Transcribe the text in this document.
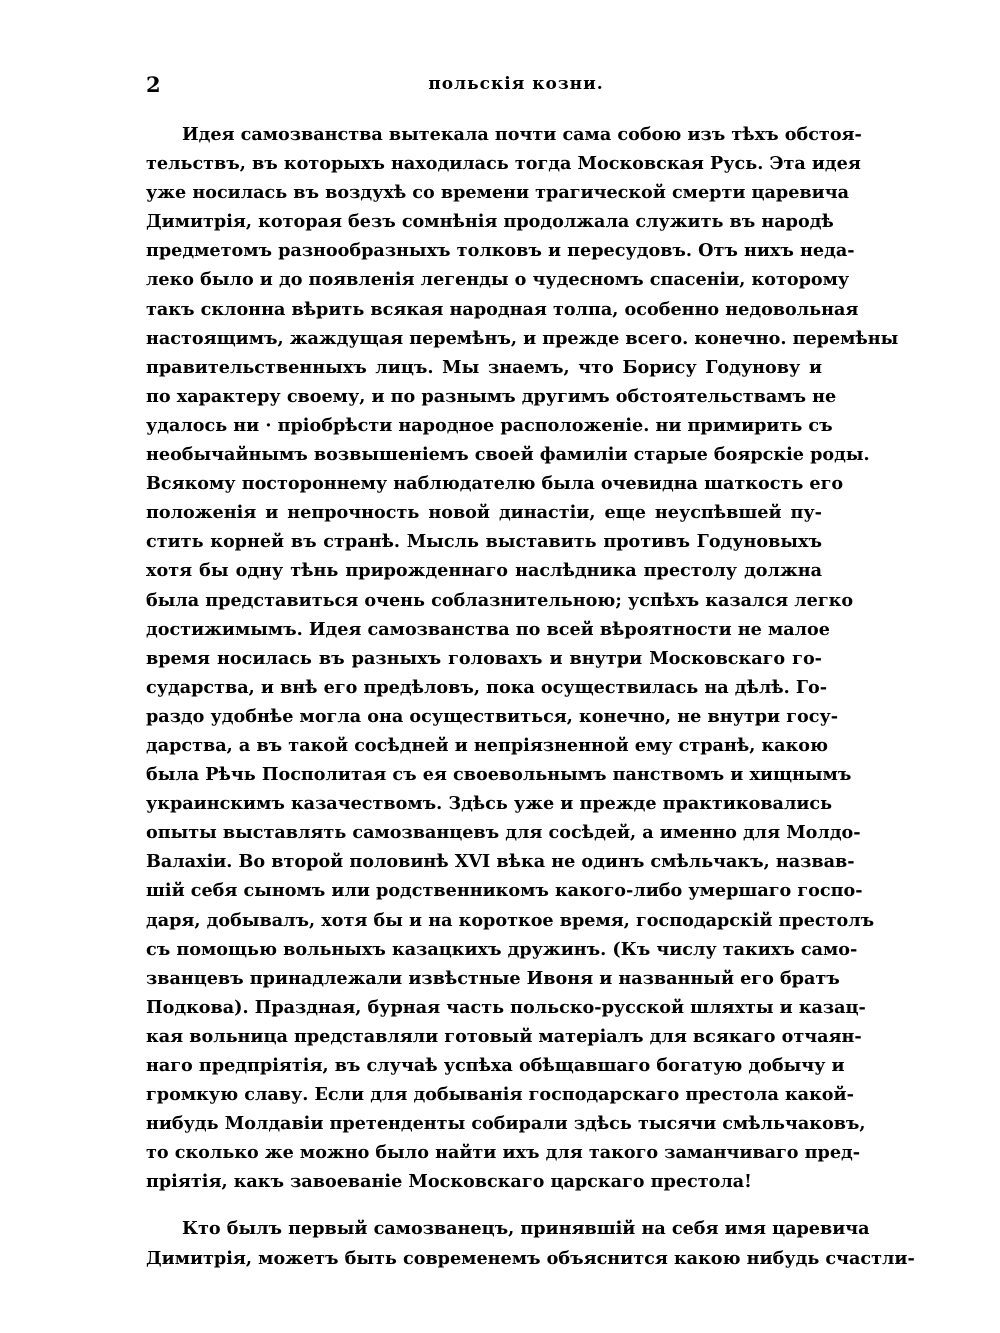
2	польскія козни.
Идея самозванства вытекала почти сама собою изъ тѣхъ обстоя-
тельствъ, въ которыхъ находилась тогда Московская Русь. Эта идея
уже носилась въ воздухѣ со времени трагической смерти царевича
Димитрія, которая безъ сомнѣнія продолжала служить въ народѣ
предметомъ разнообразныхъ толковъ и пересудовъ. Отъ нихъ неда-
леко было и до появленія легенды о чудесномъ спасеніи, которому
такъ склонна вѣрить всякая народная толпа, особенно недовольная
настоящимъ, жаждущая перемѣнъ, и прежде всего. конечно. перемѣны
правительственныхъ лицъ. Мы знаемъ, что Борису Годунову и
по характеру своему, и по разнымъ другимъ обстоятельствамъ не
удалось ни · пріобрѣсти народное расположеніе. ни примирить съ
необычайнымъ возвышеніемъ своей фамиліи старые боярскіе роды.
Всякому постороннему наблюдателю была очевидна шаткость его
положенія и непрочность новой династіи, еще неуспѣвшей пу-
стить корней въ странѣ. Мысль выставить противъ Годуновыхъ
хотя бы одну тѣнь прирожденнаго наслѣдника престолу должна
была представиться очень соблазнительною; успѣхъ казался легко
достижимымъ. Идея самозванства по всей вѣроятности не малое
время носилась въ разныхъ головахъ и внутри Московскаго го-
сударства, и внѣ его предѣловъ, пока осуществилась на дѣлѣ. Го-
раздо удобнѣе могла она осуществиться, конечно, не внутри госу-
дарства, а въ такой сосѣдней и непріязненной ему странѣ, какою
была Рѣчь Посполитая съ ея своевольнымъ панствомъ и хищнымъ
украинскимъ казачествомъ. Здѣсь уже и прежде практиковались
опыты выставлять самозванцевъ для сосѣдей, а именно для Молдо-
Валахіи. Во второй половинѣ XVI вѣка не одинъ смѣльчакъ, назвав-
шій себя сыномъ или родственникомъ какого-либо умершаго госпо-
даря, добывалъ, хотя бы и на короткое время, господарскій престолъ
съ помощью вольныхъ казацкихъ дружинъ. (Къ числу такихъ само-
званцевъ принадлежали извѣстные Ивоня и названный его братъ
Подкова). Праздная, бурная часть польско-русской шляхты и казац-
кая вольница представляли готовый матеріалъ для всякаго отчаян-
наго предпріятія, въ случаѣ успѣха обѣщавшаго богатую добычу и
громкую славу. Если для добыванія господарскаго престола какой-
нибудь Молдавіи претенденты собирали здѣсь тысячи смѣльчаковъ,
то сколько же можно было найти ихъ для такого заманчиваго пред-
пріятія, какъ завоеваніе Московскаго царскаго престола!
Кто былъ первый самозванецъ, принявшій на себя имя царевича
Димитрія, можетъ быть современемъ объяснится какою нибудь счастли-
